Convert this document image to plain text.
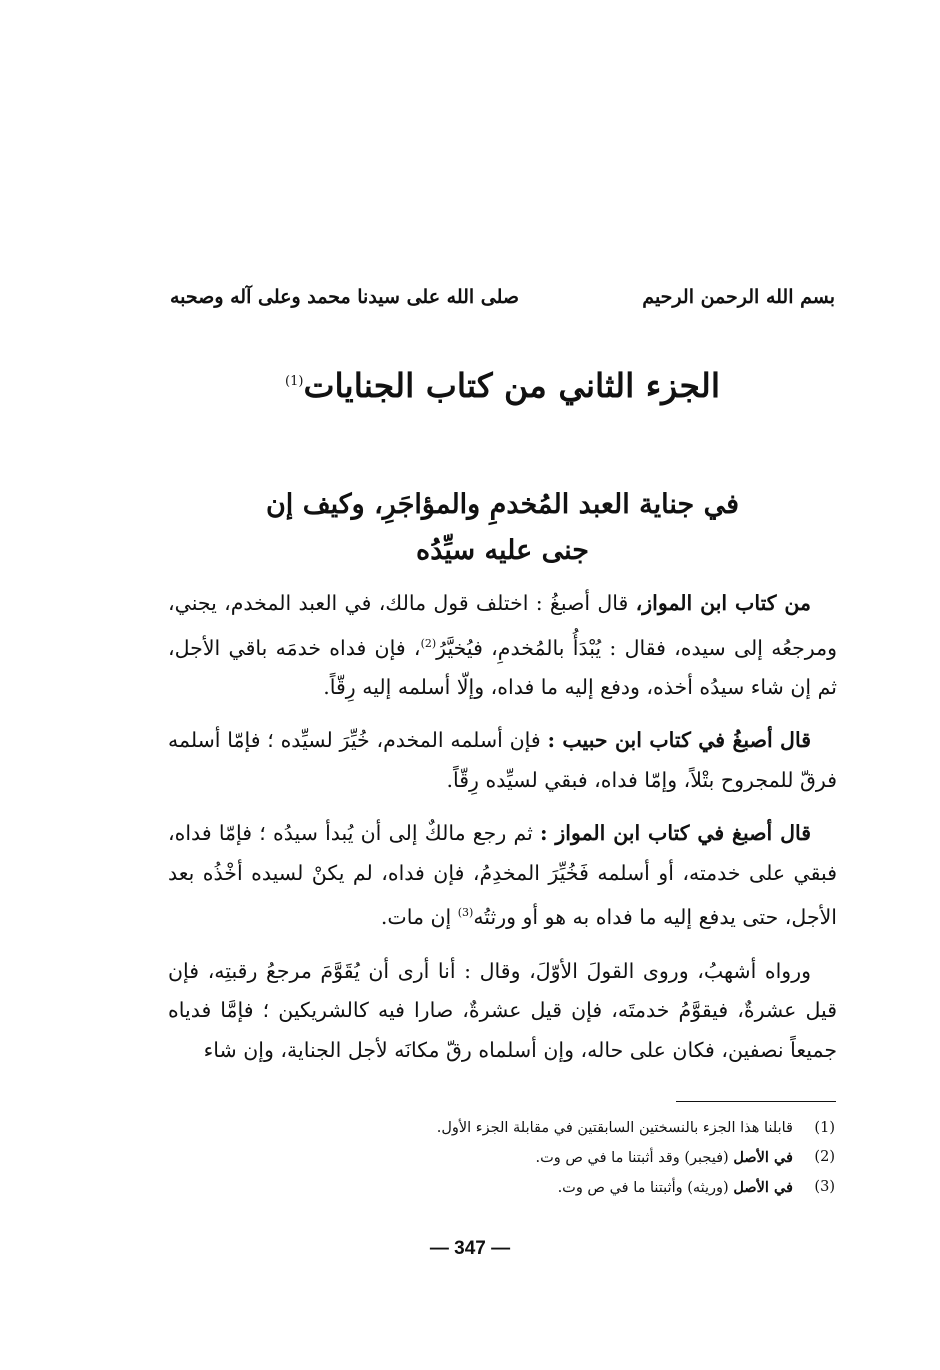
بسم الله الرحمن الرحيم
صلى الله على سيدنا محمد وعلى آله وصحبه
الجزء الثاني من كتاب الجنايات$^{(1)}$
في جناية العبد المُخدمِ والمؤاجَرِ، وكيف إن
جنى عليه سيِّدُه

من كتاب ابن المواز، قال أصبغُ : اختلف قول مالك، في العبد المخدم، يجني، ومرجعُه إلى سيده، فقال : يُبْدَأُ بالمُخدمِ، فيُخيَّرُ$^{(2)}$، فإن فداه خدمَه باقي الأجل، ثم إن شاء سيدُه أخذه، ودفع إليه ما فداه، وإلّا أسلمه إليه رِقّاً.

قال أصبغُ في كتاب ابن حبيب : فإن أسلمه المخدم، خُيِّرَ لسيِّده ؛ فإمّا أسلمه فرقّ للمجروح بتْلاً، وإمّا فداه، فبقي لسيِّده رِقّاً.

قال أصبغ في كتاب ابن المواز : ثم رجع مالكٌ إلى أن يُبدأ سيدُه ؛ فإمّا فداه، فبقي على خدمته، أو أسلمه فَخُيِّرَ المخدِمُ، فإن فداه، لم يكنْ لسيده أخْذُه بعد الأجل، حتى يدفع إليه ما فداه به هو أو ورثتُه$^{(3)}$ إن مات.

ورواه أشهبُ، وروى القولَ الأوّلَ، وقال : أنا أرى أن يُقَوَّمَ مرجعُ رقبتِه، فإن قيل عشرةٌ، فيقوَّمُ خدمتَه، فإن قيل عشرةٌ، صارا فيه كالشريكين ؛ فإمَّا فدياه جميعاً نصفين، فكان على حاله، وإن أسلماه رقّ مكانَه لأجل الجناية، وإن شاء

(1)
قابلنا هذا الجزء بالنسختين السابقتين في مقابلة الجزء الأول.
(2)
في الأصل (فيجبر) وقد أثبتنا ما في ص وت.
(3)
في الأصل (وريثه) وأثبتنا ما في ص وت.
— 347 —
